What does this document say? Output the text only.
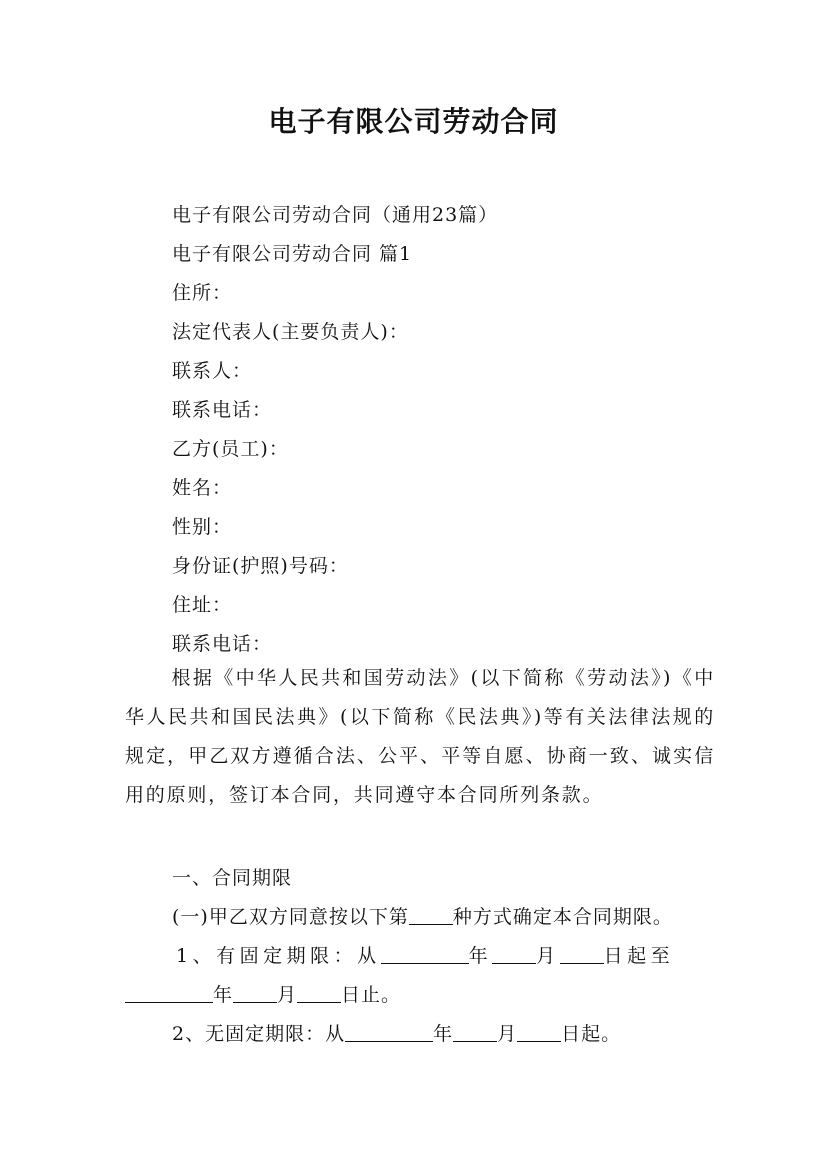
电子有限公司劳动合同
电子有限公司劳动合同（通用23篇）
电子有限公司劳动合同 篇1
住所：
法定代表人(主要负责人)：
联系人：
联系电话：
乙方(员工)：
姓名：
性别：
身份证(护照)号码：
住址：
联系电话：
根据《中华人民共和国劳动法》(以下简称《劳动法》)《中华人民共和国民法典》(以下简称《民法典》)等有关法律法规的规定，甲乙双方遵循合法、公平、平等自愿、协商一致、诚实信用的原则，签订本合同，共同遵守本合同所列条款。
一、合同期限
(一)甲乙双方同意按以下第 种方式确定本合同期限。
1、有固定期限：从	年 月 日起至
年 月 日止。
2、无固定期限：从	年 月 日起。
